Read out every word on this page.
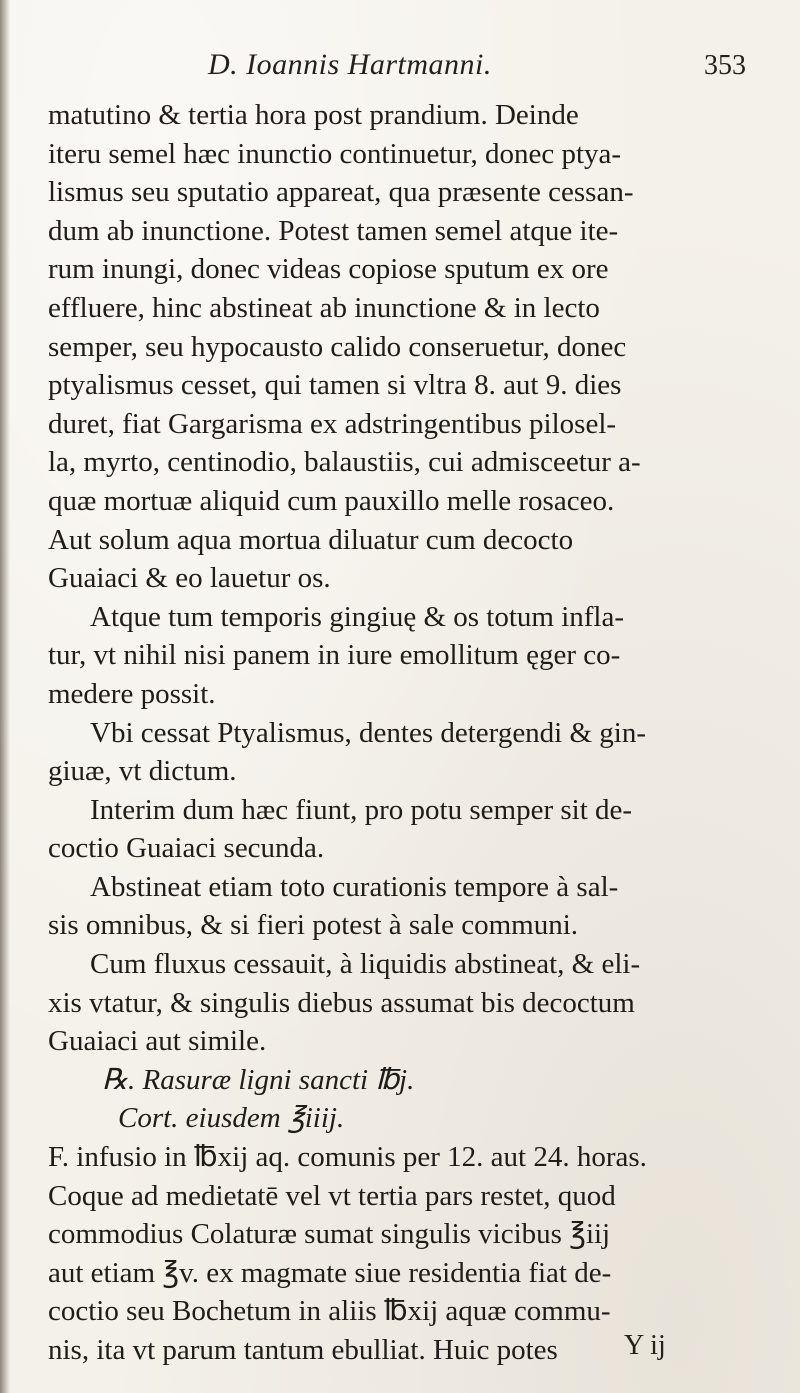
D. Ioannis Hartmanni.	353
matutino & tertia hora post prandium. Deinde
iteru semel hæc inunctio continuetur, donec ptya-
lismus seu sputatio appareat, qua præsente cessan-
dum ab inunctione. Potest tamen semel atque ite-
rum inungi, donec videas copiose sputum ex ore
effluere, hinc abstineat ab inunctione & in lecto
semper, seu hypocausto calido conseruetur, donec
ptyalismus cesset, qui tamen si vltra 8. aut 9. dies
duret, fiat Gargarisma ex adstringentibus pilosel-
la, myrto, centinodio, balaustiis, cui admisceetur a-
quæ mortuæ aliquid cum pauxillo melle rosaceo.
Aut solum aqua mortua diluatur cum decocto
Guaiaci & eo lauetur os.
Atque tum temporis gingiuę & os totum infla-
tur, vt nihil nisi panem in iure emollitum ęger co-
medere possit.
Vbi cessat Ptyalismus, dentes detergendi & gin-
giuæ, vt dictum.
Interim dum hæc fiunt, pro potu semper sit de-
coctio Guaiaci secunda.
Abstineat etiam toto curationis tempore à sal-
sis omnibus, & si fieri potest à sale communi.
Cum fluxus cessauit, à liquidis abstineat, & eli-
xis vtatur, & singulis diebus assumat bis decoctum
Guaiaci aut simile.
℞. Rasuræ ligni sancti ℔j.
Cort. eiusdem ℥iiij.
F. infusio in ℔xij aq. comunis per 12. aut 24. horas.
Coque ad medietatē vel vt tertia pars restet, quod
commodius Colaturæ sumat singulis vicibus ℥iij
aut etiam ℥v. ex magmate siue residentia fiat de-
coctio seu Bochetum in aliis ℔xij aquæ commu-
nis, ita vt parum tantum ebulliat. Huic potes	Y ij
